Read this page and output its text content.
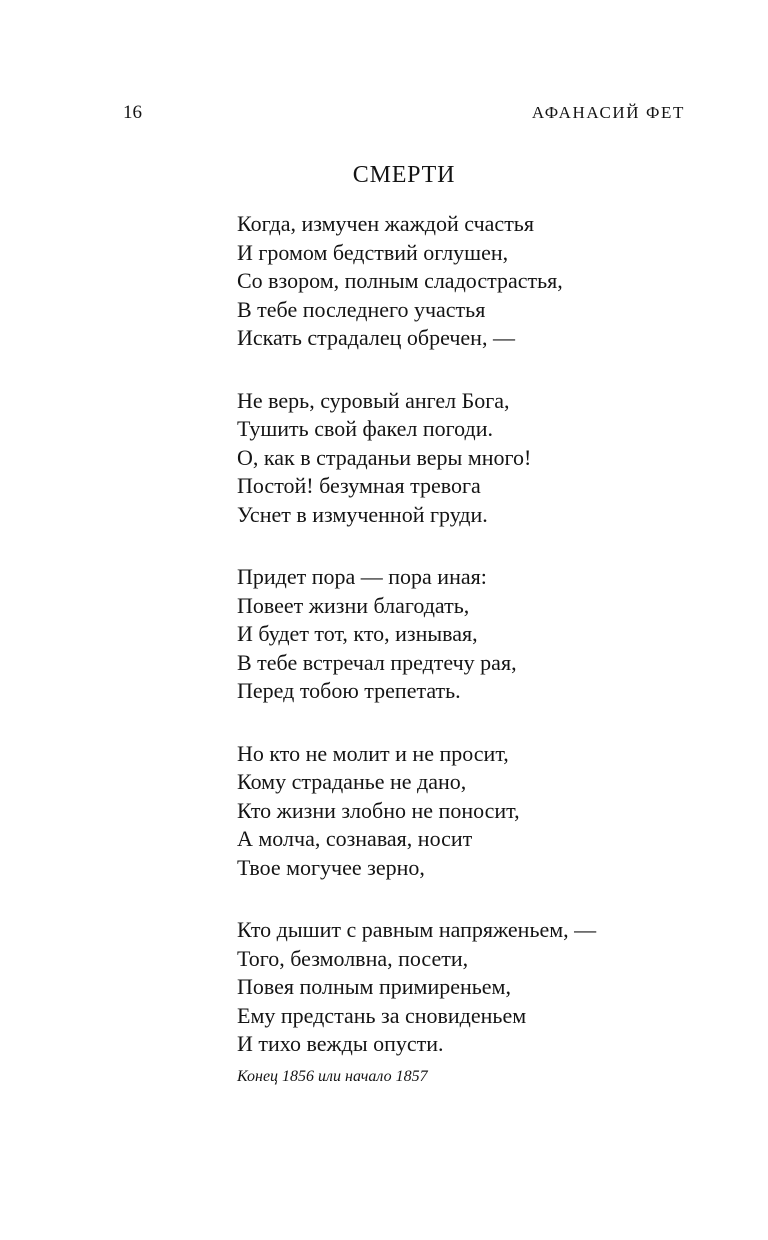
16	АФАНАСИЙ ФЕТ
СМЕРТИ
Когда, измучен жаждой счастья
И громом бедствий оглушен,
Со взором, полным сладострастья,
В тебе последнего участья
Искать страдалец обречен, —
Не верь, суровый ангел Бога,
Тушить свой факел погоди.
О, как в страданьи веры много!
Постой! безумная тревога
Уснет в измученной груди.
Придет пора — пора иная:
Повеет жизни благодать,
И будет тот, кто, изнывая,
В тебе встречал предтечу рая,
Перед тобою трепетать.
Но кто не молит и не просит,
Кому страданье не дано,
Кто жизни злобно не поносит,
А молча, сознавая, носит
Твое могучее зерно,
Кто дышит с равным напряженьем, —
Того, безмолвна, посети,
Повея полным примиреньем,
Ему предстань за сновиденьем
И тихо вежды опусти.
Конец 1856 или начало 1857
